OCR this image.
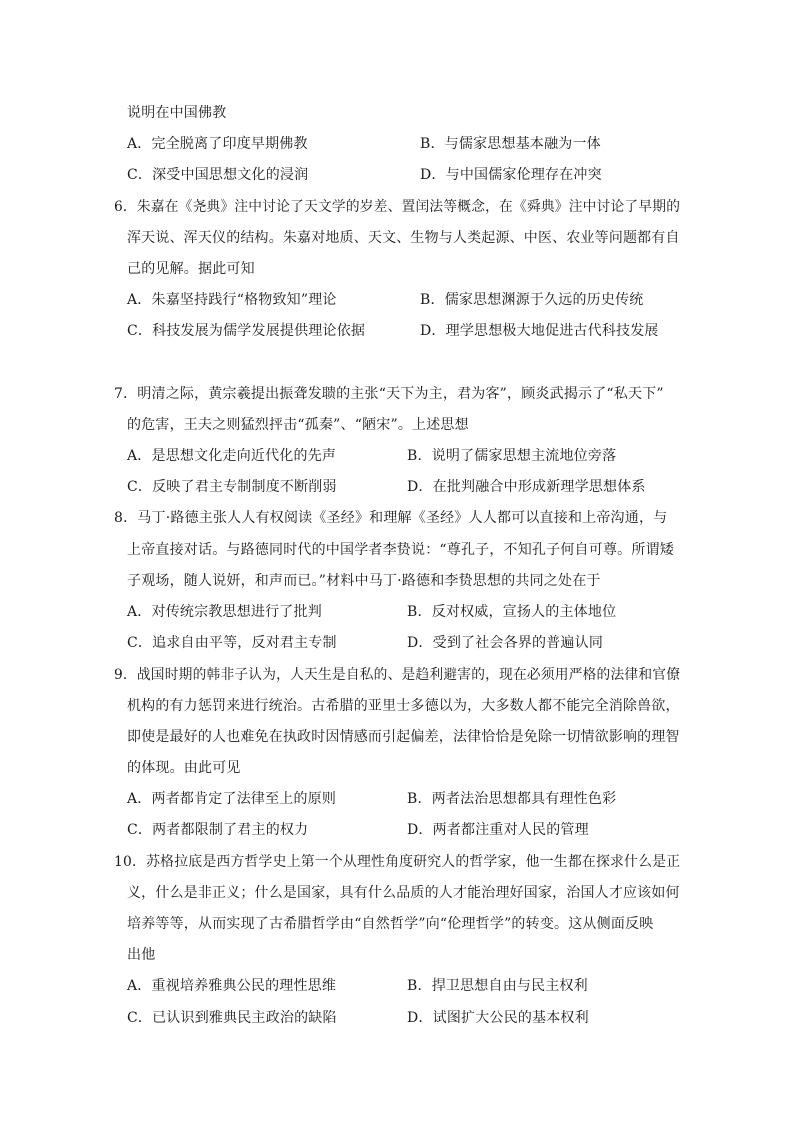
说明在中国佛教
A．完全脱离了印度早期佛教	B．与儒家思想基本融为一体
C．深受中国思想文化的浸润	D．与中国儒家伦理存在冲突
6．朱嘉在《尧典》注中讨论了天文学的岁差、置闰法等概念，在《舜典》注中讨论了早期的
浑天说、浑天仪的结构。朱嘉对地质、天文、生物与人类起源、中医、农业等问题都有自
己的见解。据此可知
A．朱嘉坚持践行“格物致知”理论	B．儒家思想渊源于久远的历史传统
C．科技发展为儒学发展提供理论依据	D．理学思想极大地促进古代科技发展
7．明清之际，黄宗羲提出振聋发聩的主张“天下为主，君为客”，顾炎武揭示了“私天下”
的危害，王夫之则猛烈抨击“孤秦”、“陋宋”。上述思想
A．是思想文化走向近代化的先声	B．说明了儒家思想主流地位旁落
C．反映了君主专制制度不断削弱	D．在批判融合中形成新理学思想体系
8．马丁·路德主张人人有权阅读《圣经》和理解《圣经》人人都可以直接和上帝沟通，与
上帝直接对话。与路德同时代的中国学者李贽说：“尊孔子，不知孔子何自可尊。所谓矮
子观场，随人说妍，和声而已。”材料中马丁·路德和李贽思想的共同之处在于
A．对传统宗教思想进行了批判	B．反对权威，宣扬人的主体地位
C．追求自由平等，反对君主专制	D．受到了社会各界的普遍认同
9．战国时期的韩非子认为，人天生是自私的、是趋利避害的，现在必须用严格的法律和官僚
机构的有力惩罚来进行统治。古希腊的亚里士多德以为，大多数人都不能完全消除兽欲，
即使是最好的人也难免在执政时因情感而引起偏差，法律恰恰是免除一切情欲影响的理智
的体现。由此可见
A．两者都肯定了法律至上的原则	B．两者法治思想都具有理性色彩
C．两者都限制了君主的权力	D．两者都注重对人民的管理
10．苏格拉底是西方哲学史上第一个从理性角度研究人的哲学家，他一生都在探求什么是正
义，什么是非正义；什么是国家，具有什么品质的人才能治理好国家，治国人才应该如何
培养等等，从而实现了古希腊哲学由“自然哲学”向“伦理哲学”的转变。这从侧面反映
出他
A．重视培养雅典公民的理性思维	B．捍卫思想自由与民主权利
C．已认识到雅典民主政治的缺陷	D．试图扩大公民的基本权利
